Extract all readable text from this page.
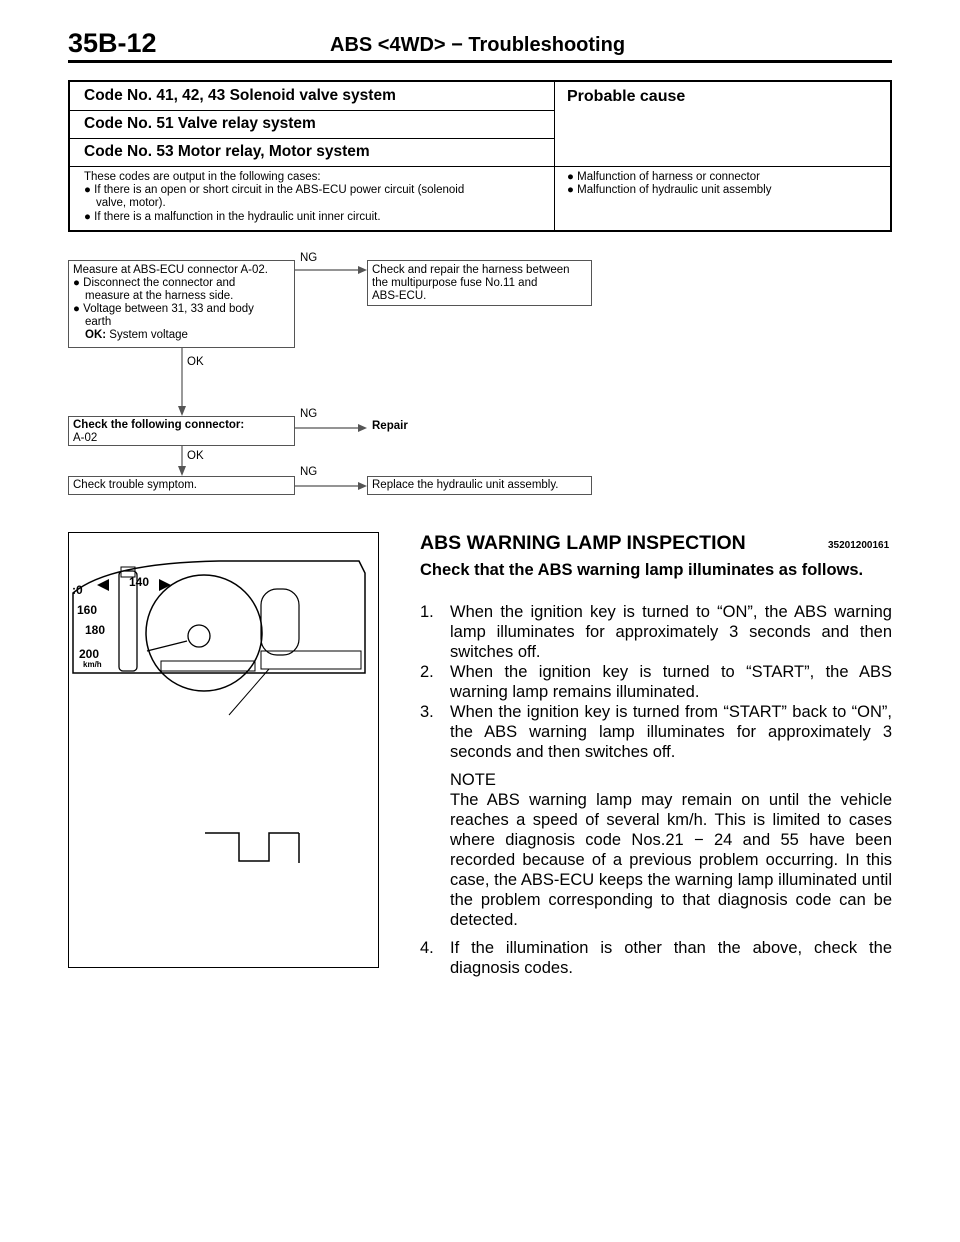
35B-12	ABS <4WD> − Troubleshooting
Code No. 41, 42, 43 Solenoid valve system
Code No. 51 Valve relay system
Code No. 53 Motor relay, Motor system
Probable cause
These codes are output in the following cases:
● If there is an open or short circuit in the ABS-ECU power circuit (solenoid
valve, motor).
● If there is a malfunction in the hydraulic unit inner circuit.
● Malfunction of harness or connector
● Malfunction of hydraulic unit assembly
Measure at ABS-ECU connector A-02.
● Disconnect the connector and
measure at the harness side.
● Voltage between 31, 33 and body
earth
OK: System voltage
Check and repair the harness between
the multipurpose fuse No.11 and
ABS-ECU.
NG
OK
Check the following connector:
A-02
Repair
NG
OK
Check trouble symptom.	Replace the hydraulic unit assembly.
NG
140
:0
160
180
200
km/h
ABS WARNING LAMP INSPECTION	35201200161
Check that the ABS warning lamp illuminates as follows.
1. When the ignition key is turned to “ON”, the ABS warning lamp illuminates for approximately 3 seconds and then switches off.
2. When the ignition key is turned to “START”, the ABS warning lamp remains illuminated.
3. When the ignition key is turned from “START” back to “ON”, the ABS warning lamp illuminates for approximately 3 seconds and then switches off.
NOTE
The ABS warning lamp may remain on until the vehicle reaches a speed of several km/h. This is limited to cases where diagnosis code Nos.21 − 24 and 55 have been recorded because of a previous problem occurring. In this case, the ABS-ECU keeps the warning lamp illuminated until the problem corresponding to that diagnosis code can be detected.
4. If the illumination is other than the above, check the diagnosis codes.
